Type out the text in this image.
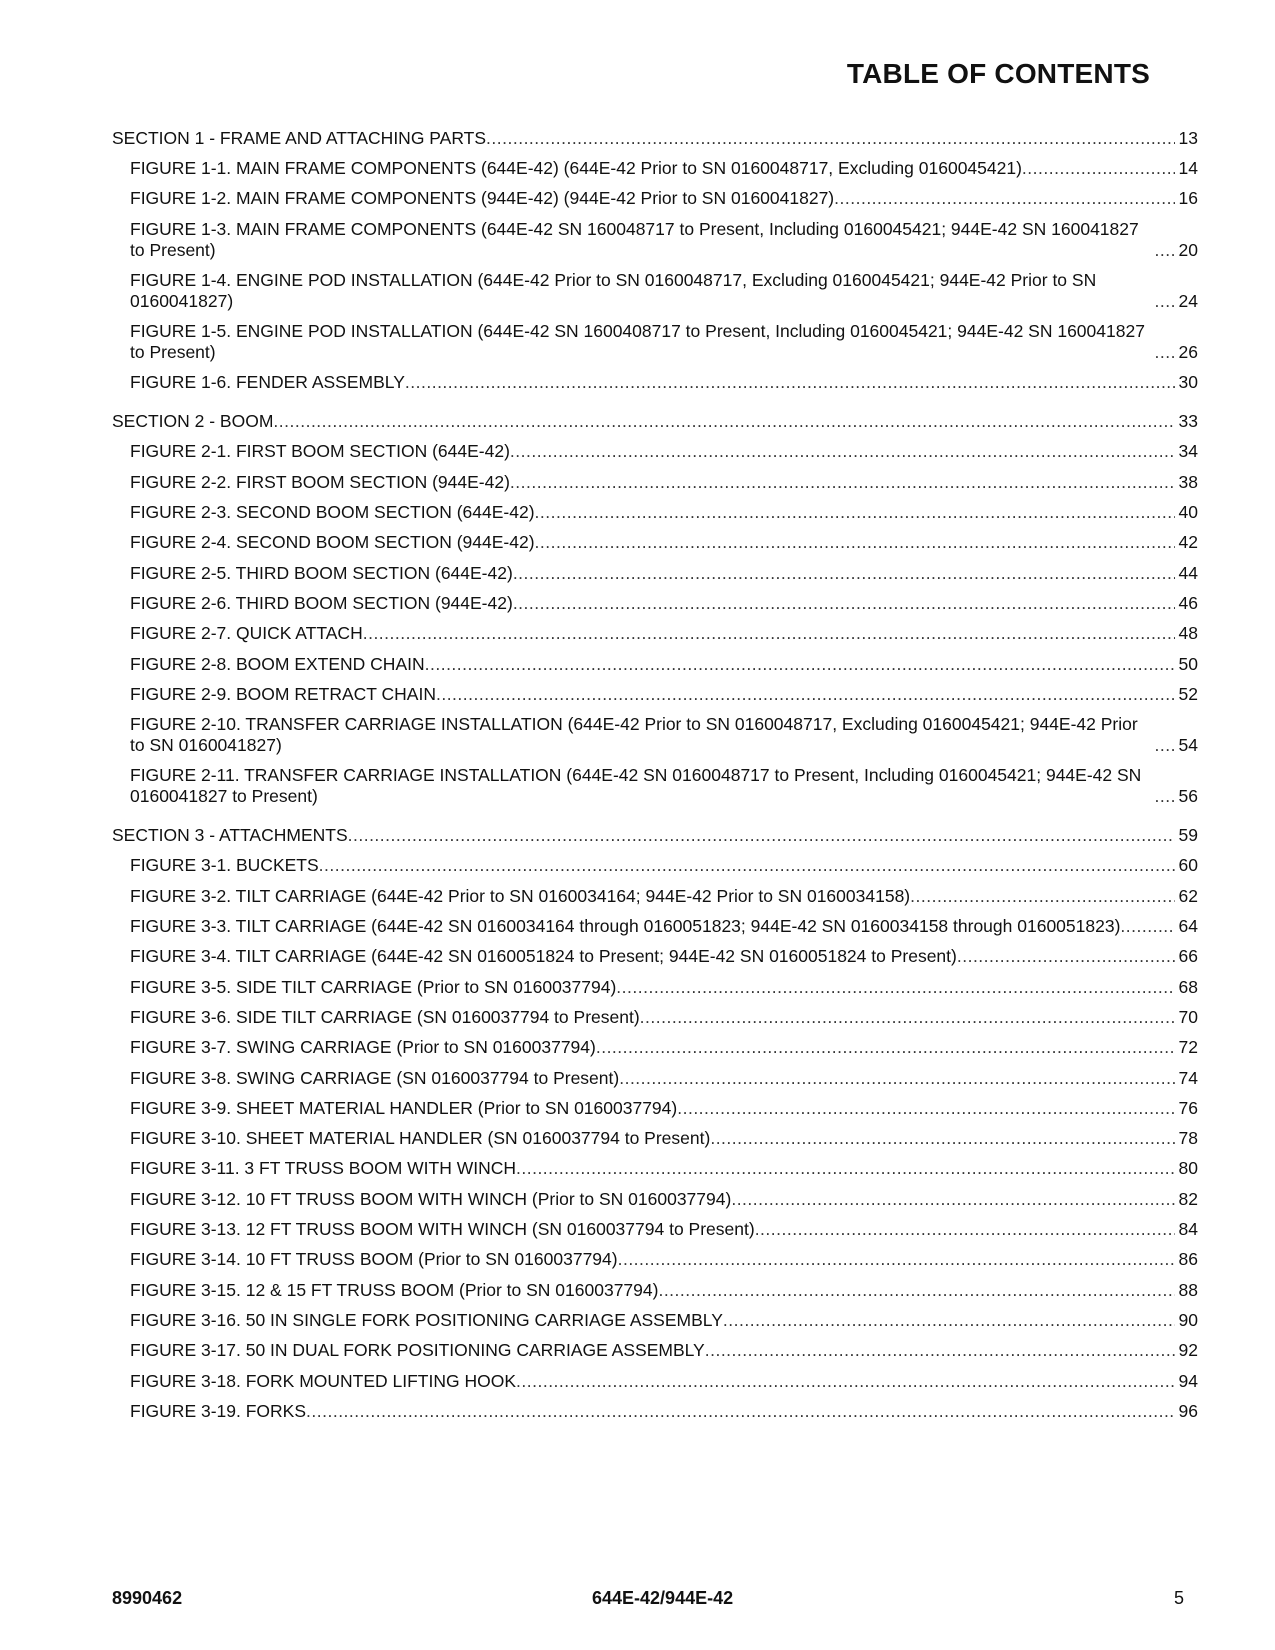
TABLE OF CONTENTS
SECTION 1 - FRAME AND ATTACHING PARTS .....	13
FIGURE 1-1. MAIN FRAME COMPONENTS (644E-42) (644E-42 Prior to SN 0160048717, Excluding 0160045421) .....	14
FIGURE 1-2. MAIN FRAME COMPONENTS (944E-42) (944E-42 Prior to SN 0160041827) .....	16
FIGURE 1-3. MAIN FRAME COMPONENTS (644E-42 SN 160048717 to Present, Including 0160045421; 944E-42 SN 160041827 to Present) .....	20
FIGURE 1-4. ENGINE POD INSTALLATION (644E-42 Prior to SN 0160048717, Excluding 0160045421; 944E-42 Prior to SN 0160041827) .....	24
FIGURE 1-5. ENGINE POD INSTALLATION (644E-42 SN 1600408717 to Present, Including 0160045421; 944E-42 SN 160041827 to Present) .....	26
FIGURE 1-6. FENDER ASSEMBLY .....	30
SECTION 2 - BOOM .....	33
FIGURE 2-1. FIRST BOOM SECTION (644E-42) .....	34
FIGURE 2-2. FIRST BOOM SECTION (944E-42) .....	38
FIGURE 2-3. SECOND BOOM SECTION (644E-42) .....	40
FIGURE 2-4. SECOND BOOM SECTION (944E-42) .....	42
FIGURE 2-5. THIRD BOOM SECTION (644E-42) .....	44
FIGURE 2-6. THIRD BOOM SECTION (944E-42) .....	46
FIGURE 2-7. QUICK ATTACH .....	48
FIGURE 2-8. BOOM EXTEND CHAIN .....	50
FIGURE 2-9. BOOM RETRACT CHAIN .....	52
FIGURE 2-10. TRANSFER CARRIAGE INSTALLATION (644E-42 Prior to SN 0160048717, Excluding 0160045421; 944E-42 Prior to SN 0160041827) .....	54
FIGURE 2-11. TRANSFER CARRIAGE INSTALLATION (644E-42 SN 0160048717 to Present, Including 0160045421; 944E-42 SN 0160041827 to Present) .....	56
SECTION 3 - ATTACHMENTS .....	59
FIGURE 3-1. BUCKETS .....	60
FIGURE 3-2. TILT CARRIAGE (644E-42 Prior to SN 0160034164; 944E-42 Prior to SN 0160034158) .....	62
FIGURE 3-3. TILT CARRIAGE (644E-42 SN 0160034164 through 0160051823; 944E-42 SN 0160034158 through 0160051823) .....	64
FIGURE 3-4. TILT CARRIAGE (644E-42 SN 0160051824 to Present; 944E-42 SN 0160051824 to Present) .....	66
FIGURE 3-5. SIDE TILT CARRIAGE (Prior to SN 0160037794) .....	68
FIGURE 3-6. SIDE TILT CARRIAGE (SN 0160037794 to Present) .....	70
FIGURE 3-7. SWING CARRIAGE (Prior to SN 0160037794) .....	72
FIGURE 3-8. SWING CARRIAGE (SN 0160037794 to Present) .....	74
FIGURE 3-9. SHEET MATERIAL HANDLER (Prior to SN 0160037794) .....	76
FIGURE 3-10. SHEET MATERIAL HANDLER (SN 0160037794 to Present) .....	78
FIGURE 3-11. 3 FT TRUSS BOOM WITH WINCH .....	80
FIGURE 3-12. 10 FT TRUSS BOOM WITH WINCH (Prior to SN 0160037794) .....	82
FIGURE 3-13. 12 FT TRUSS BOOM WITH WINCH (SN 0160037794 to Present) .....	84
FIGURE 3-14. 10 FT TRUSS BOOM (Prior to SN 0160037794) .....	86
FIGURE 3-15. 12 & 15 FT TRUSS BOOM (Prior to SN 0160037794) .....	88
FIGURE 3-16. 50 IN SINGLE FORK POSITIONING CARRIAGE ASSEMBLY .....	90
FIGURE 3-17. 50 IN DUAL FORK POSITIONING CARRIAGE ASSEMBLY .....	92
FIGURE 3-18. FORK MOUNTED LIFTING HOOK .....	94
FIGURE 3-19. FORKS .....	96
8990462	644E-42/944E-42	5
